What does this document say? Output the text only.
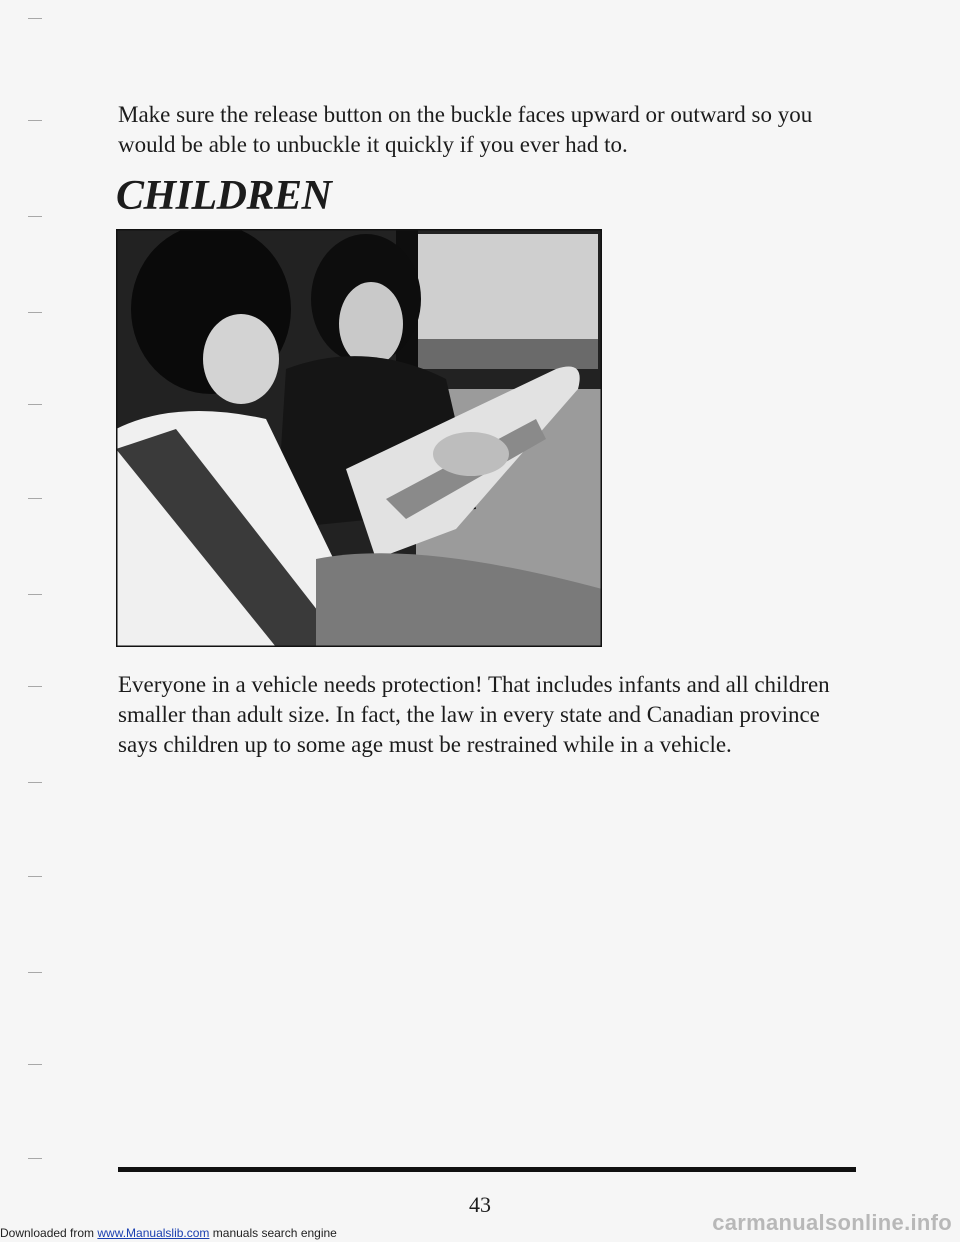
Make sure the release button on the buckle faces upward or outward so you would be able to unbuckle it quickly if you ever had to.

CHILDREN

Everyone in a vehicle needs protection! That includes infants and all children smaller than adult size. In fact, the law in every state and Canadian province says children up to some age must be restrained while in a vehicle.

43
Downloaded from www.Manualslib.com manuals search engine	carmanualsonline.info
